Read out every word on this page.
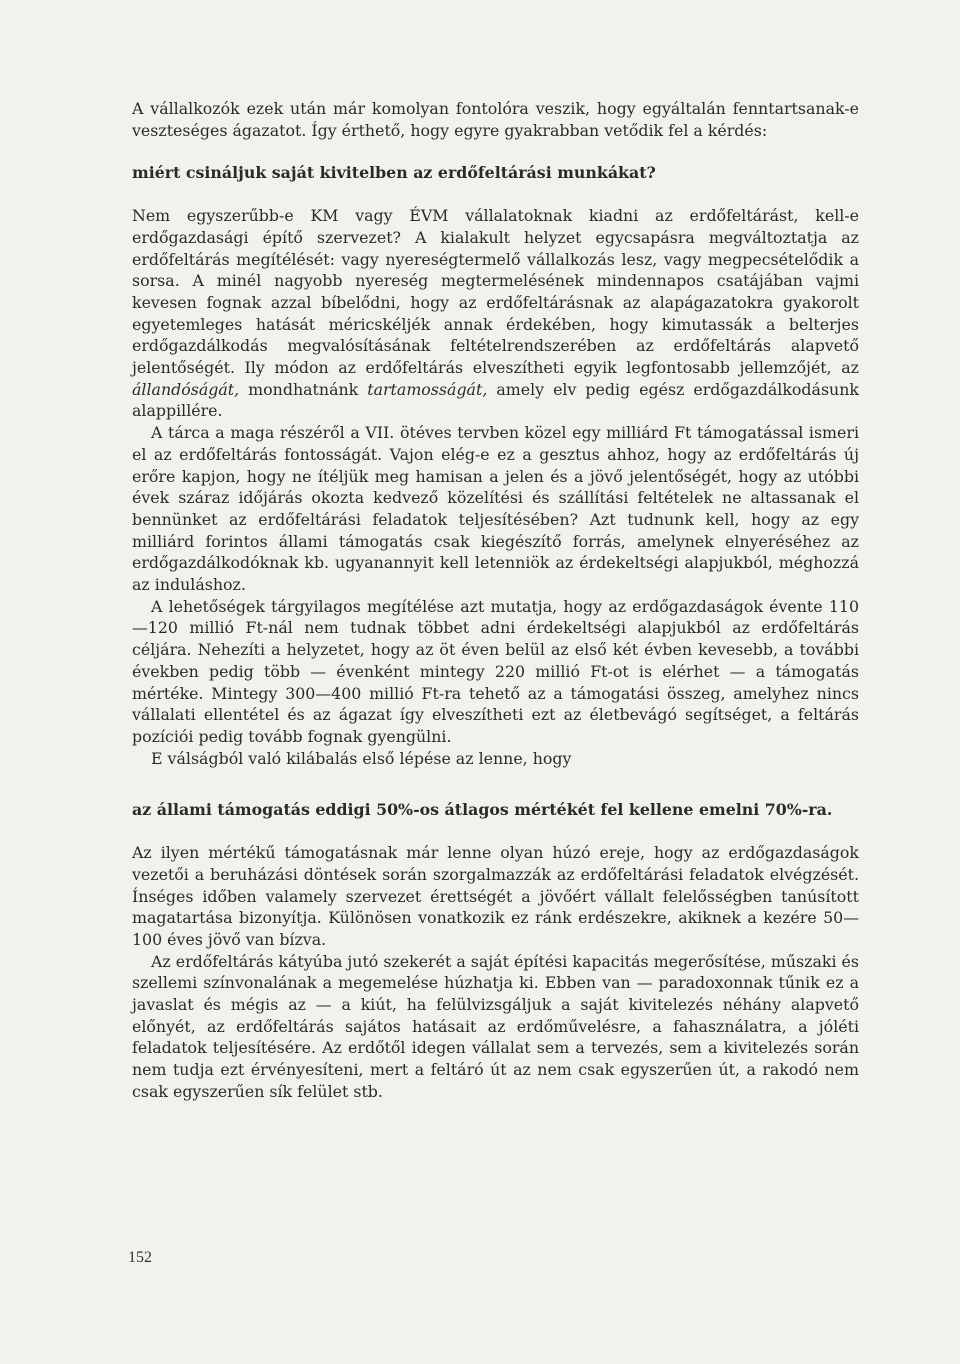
A vállalkozók ezek után már komolyan fontolóra veszik, hogy egyáltalán fenntartsanak-e veszteséges ágazatot. Így érthető, hogy egyre gyakrabban vetődik fel a kérdés:

miért csináljuk saját kivitelben az erdőfeltárási munkákat?

Nem egyszerűbb-e KM vagy ÉVM vállalatoknak kiadni az erdőfeltárást, kell-e erdőgazdasági építő szervezet? A kialakult helyzet egycsapásra megváltoztatja az erdőfeltárás megítélését: vagy nyereségtermelő vállalkozás lesz, vagy megpecsételődik a sorsa. A minél nagyobb nyereség megtermelésének mindennapos csatájában vajmi kevesen fognak azzal bíbelődni, hogy az erdőfeltárásnak az alapágazatokra gyakorolt egyetemleges hatását méricskéljék annak érdekében, hogy kimutassák a belterjes erdőgazdálkodás megvalósításának feltételrendszerében az erdőfeltárás alapvető jelentőségét. Ily módon az erdőfeltárás elveszítheti egyik legfontosabb jellemzőjét, az állandóságát, mondhatnánk tartamosságát, amely elv pedig egész erdőgazdálkodásunk alappillére.

A tárca a maga részéről a VII. ötéves tervben közel egy milliárd Ft támogatással ismeri el az erdőfeltárás fontosságát. Vajon elég-e ez a gesztus ahhoz, hogy az erdőfeltárás új erőre kapjon, hogy ne ítéljük meg hamisan a jelen és a jövő jelentőségét, hogy az utóbbi évek száraz időjárás okozta kedvező közelítési és szállítási feltételek ne altassanak el bennünket az erdőfeltárási feladatok teljesítésében? Azt tudnunk kell, hogy az egy milliárd forintos állami támogatás csak kiegészítő forrás, amelynek elnyeréséhez az erdőgazdálkodóknak kb. ugyanannyit kell letenniök az érdekeltségi alapjukból, méghozzá az induláshoz.

A lehetőségek tárgyilagos megítélése azt mutatja, hogy az erdőgazdaságok évente 110—120 millió Ft-nál nem tudnak többet adni érdekeltségi alapjukból az erdőfeltárás céljára. Nehezíti a helyzetet, hogy az öt éven belül az első két évben kevesebb, a további években pedig több — évenként mintegy 220 millió Ft-ot is elérhet — a támogatás mértéke. Mintegy 300—400 millió Ft-ra tehető az a támogatási összeg, amelyhez nincs vállalati ellentétel és az ágazat így elveszítheti ezt az életbevágó segítséget, a feltárás pozíciói pedig tovább fognak gyengülni.

E válságból való kilábalás első lépése az lenne, hogy

az állami támogatás eddigi 50%-os átlagos mértékét fel kellene emelni 70%-ra.

Az ilyen mértékű támogatásnak már lenne olyan húzó ereje, hogy az erdőgazdaságok vezetői a beruházási döntések során szorgalmazzák az erdőfeltárási feladatok elvégzését. Ínséges időben valamely szervezet érettségét a jövőért vállalt felelősségben tanúsított magatartása bizonyítja. Különösen vonatkozik ez ránk erdészekre, akiknek a kezére 50—100 éves jövő van bízva.

Az erdőfeltárás kátyúba jutó szekerét a saját építési kapacitás megerősítése, műszaki és szellemi színvonalának a megemelése húzhatja ki. Ebben van — paradoxonnak tűnik ez a javaslat és mégis az — a kiút, ha felülvizsgáljuk a saját kivitelezés néhány alapvető előnyét, az erdőfeltárás sajátos hatásait az erdőművelésre, a fahasználatra, a jóléti feladatok teljesítésére. Az erdőtől idegen vállalat sem a tervezés, sem a kivitelezés során nem tudja ezt érvényesíteni, mert a feltáró út az nem csak egyszerűen út, a rakodó nem csak egyszerűen sík felület stb.

152
